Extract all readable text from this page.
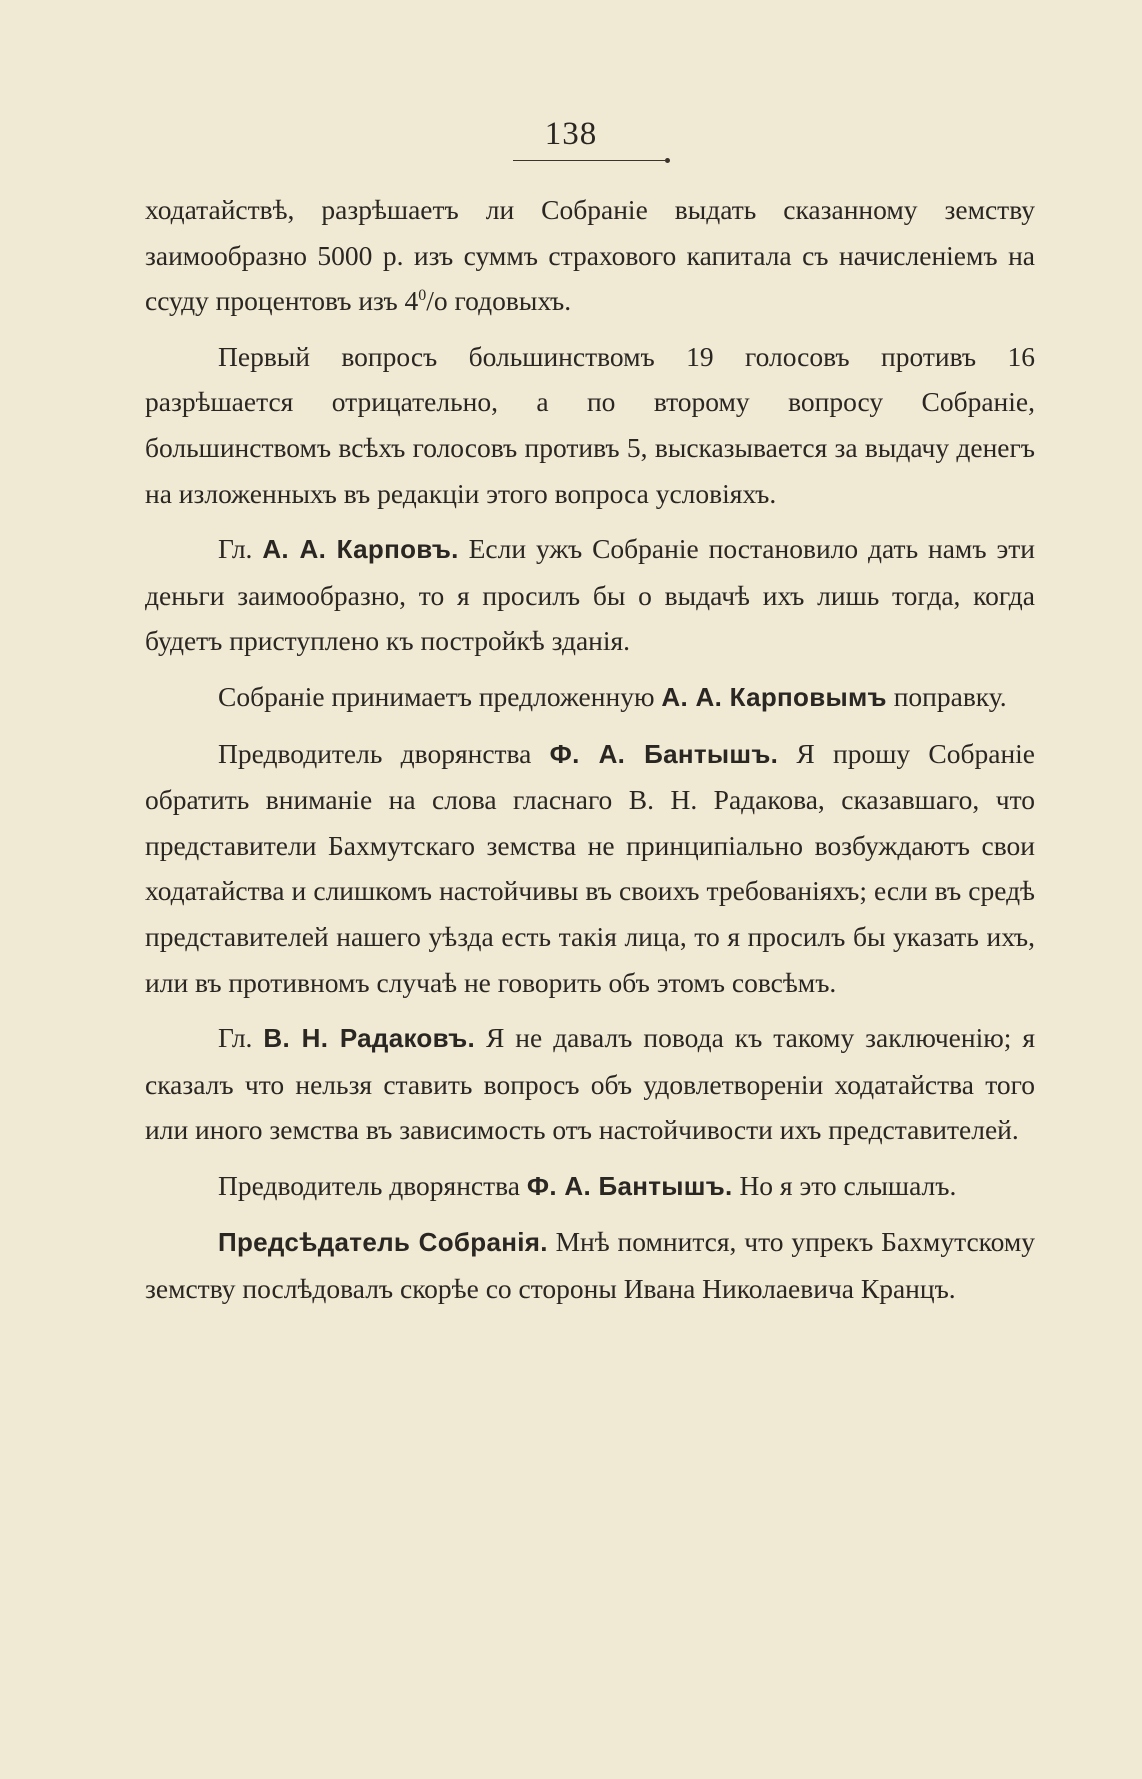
138

ходатайствѣ, разрѣшаетъ ли Собраніе выдать сказанному земству заимообразно 5000 р. изъ суммъ страхового капитала съ начисленіемъ на ссуду процентовъ изъ $4^0/о$ годовыхъ.

Первый вопросъ большинствомъ 19 голосовъ противъ 16 разрѣшается отрицательно, а по второму вопросу Собраніе, большинствомъ всѣхъ голосовъ противъ 5, высказывается за выдачу денегъ на изложенныхъ въ редакціи этого вопроса условіяхъ.

Гл. А. А. Карповъ. Если ужъ Собраніе постановило дать намъ эти деньги заимообразно, то я просилъ бы о выдачѣ ихъ лишь тогда, когда будетъ приступлено къ постройкѣ зданія.

Собраніе принимаетъ предложенную А. А. Карповымъ поправку.

Предводитель дворянства Ф. А. Бантышъ. Я прошу Собраніе обратить вниманіе на слова гласнаго В. Н. Радакова, сказавшаго, что представители Бахмутскаго земства не принципіально возбуждаютъ свои ходатайства и слишкомъ настойчивы въ своихъ требованіяхъ; если въ средѣ представителей нашего уѣзда есть такія лица, то я просилъ бы указать ихъ, или въ противномъ случаѣ не говорить объ этомъ совсѣмъ.

Гл. В. Н. Радаковъ. Я не давалъ повода къ такому заключенію; я сказалъ что нельзя ставить вопросъ объ удовлетвореніи ходатайства того или иного земства въ зависимость отъ настойчивости ихъ представителей.

Предводитель дворянства Ф. А. Бантышъ. Но я это слышалъ.

Предсѣдатель Собранія. Мнѣ помнится, что упрекъ Бахмутскому земству послѣдовалъ скорѣе со стороны Ивана Николаевича Кранцъ.
